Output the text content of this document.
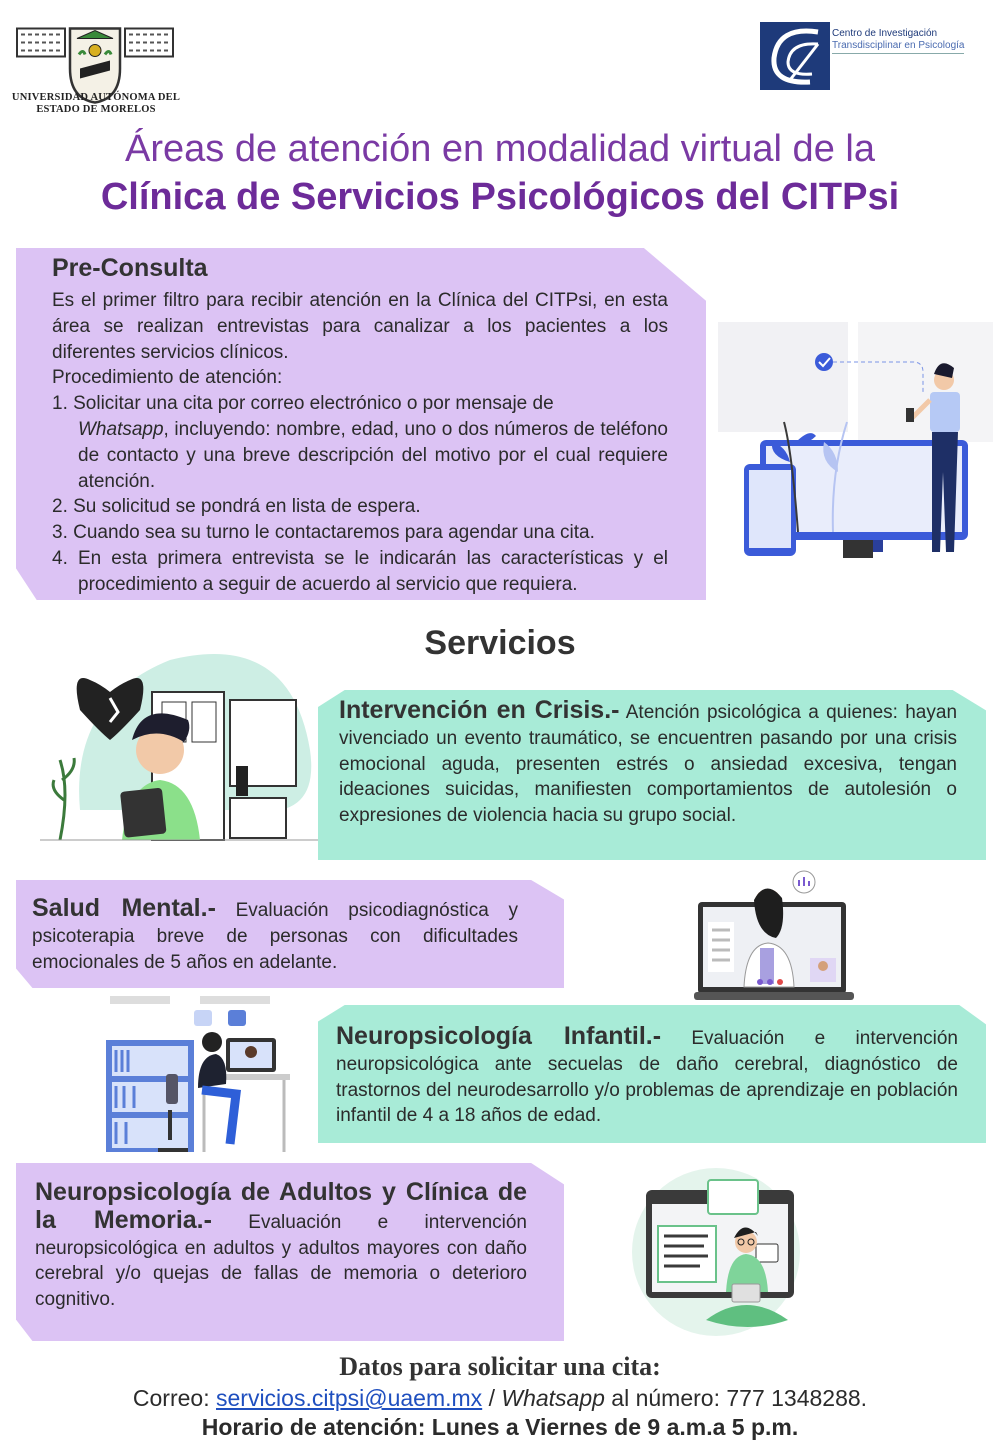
UNIVERSIDAD AUTÓNOMA DEL
ESTADO DE MORELOS
Centro de Investigación
Transdisciplinar en Psicología
Áreas de atención en modalidad virtual de la
Clínica de Servicios Psicológicos del CITPsi
Pre-Consulta

Es el primer filtro para recibir atención en la Clínica del CITPsi, en esta área se realizan entrevistas para canalizar a los pacientes a los diferentes servicios clínicos.

Procedimiento de atención:

1. Solicitar una cita por correo electrónico o por mensaje de
Whatsapp, incluyendo: nombre, edad, uno o dos números de teléfono de contacto y una breve descripción del motivo por el cual requiere atención.

2. Su solicitud se pondrá en lista de espera.

3. Cuando sea su turno le contactaremos para agendar una cita.

4. En esta primera entrevista se le indicarán las características y el procedimiento a seguir de acuerdo al servicio que requiera.

Servicios
Intervención en Crisis.- Atención psicológica a quienes: hayan vivenciado un evento traumático, se encuentren pasando por una crisis emocional aguda, presenten estrés o ansiedad excesiva, tengan ideaciones suicidas, manifiesten comportamientos de autolesión o expresiones de violencia hacia su grupo social.
Salud Mental.- Evaluación psicodiagnóstica y psicoterapia breve de personas con dificultades emocionales de 5 años en adelante.
Neuropsicología Infantil.- Evaluación e intervención neuropsicológica ante secuelas de daño cerebral, diagnóstico de trastornos del neurodesarrollo y/o problemas de aprendizaje en población infantil de 4 a 18 años de edad.
Neuropsicología de Adultos y Clínica de la Memoria.- Evaluación e intervención neuropsicológica en adultos y adultos mayores con daño cerebral y/o quejas de fallas de memoria o deterioro cognitivo.
Datos para solicitar una cita:
Correo: servicios.citpsi@uaem.mx / Whatsapp al número: 777 1348288.
Horario de atención: Lunes a Viernes de 9 a.m.a 5 p.m.
